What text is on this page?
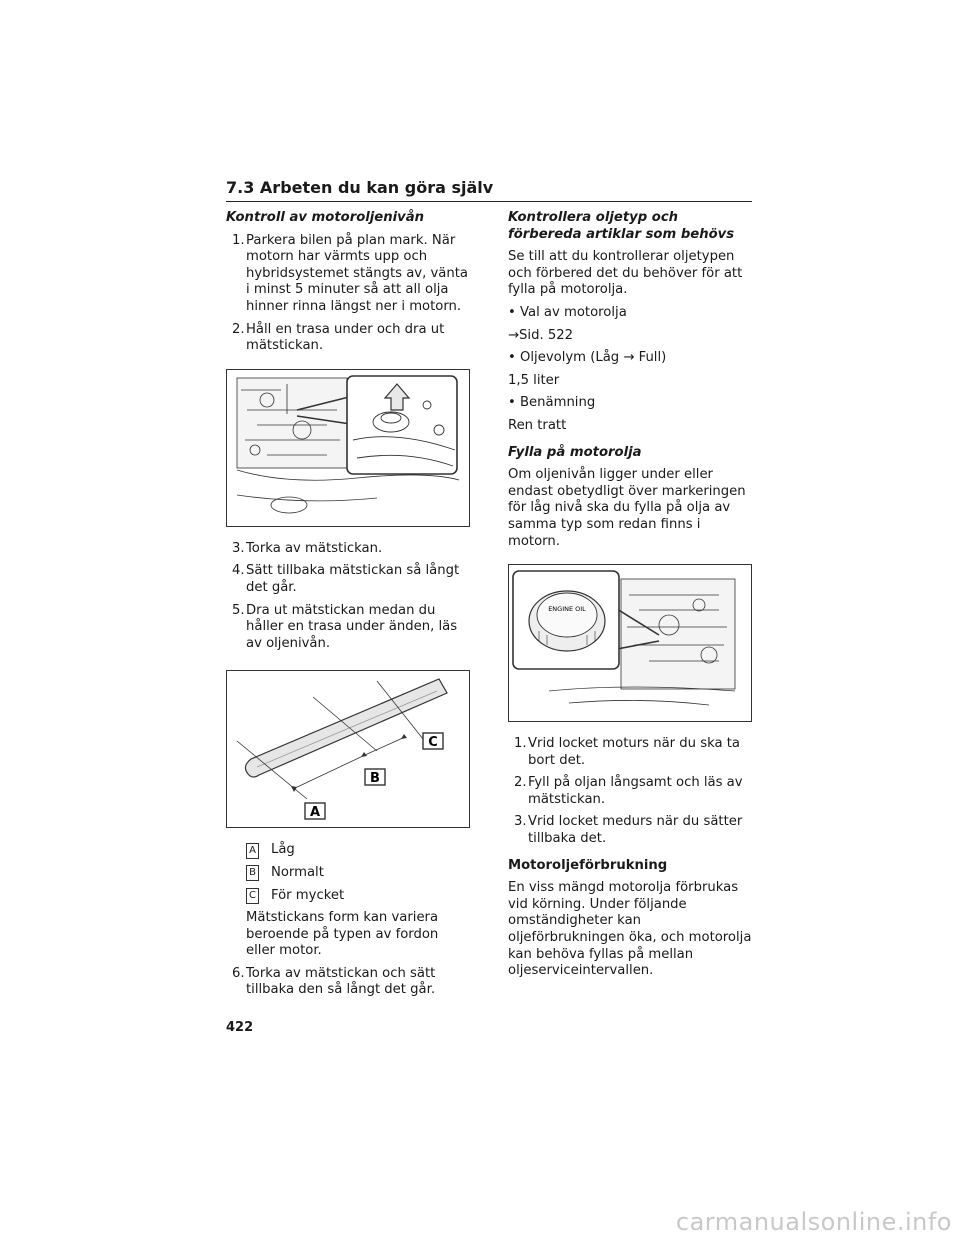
7.3 Arbeten du kan göra själv
Kontroll av motoroljenivån
1. Parkera bilen på plan mark. När motorn har värmts upp och hybridsystemet stängts av, vänta i minst 5 minuter så att all olja hinner rinna längst ner i motorn.
2. Håll en trasa under och dra ut mätstickan.
3. Torka av mätstickan.
4. Sätt tillbaka mätstickan så långt det går.
5. Dra ut mätstickan medan du håller en trasa under änden, läs av oljenivån.
A
B
C
A Låg
B Normalt
C För mycket
Mätstickans form kan variera beroende på typen av fordon eller motor.
6. Torka av mätstickan och sätt tillbaka den så långt det går.
Kontrollera oljetyp och förbereda artiklar som behövs
Se till att du kontrollerar oljetypen och förbered det du behöver för att fylla på motorolja.
• Val av motorolja
→Sid. 522
• Oljevolym (Låg → Full)
1,5 liter
• Benämning
Ren tratt
Fylla på motorolja
Om oljenivån ligger under eller endast obetydligt över markeringen för låg nivå ska du fylla på olja av samma typ som redan finns i motorn.
ENGINE OIL
1. Vrid locket moturs när du ska ta bort det.
2. Fyll på oljan långsamt och läs av mätstickan.
3. Vrid locket medurs när du sätter tillbaka det.
Motoroljeförbrukning
En viss mängd motorolja förbrukas vid körning. Under följande omständigheter kan oljeförbrukningen öka, och motorolja kan behöva fyllas på mellan oljeserviceintervallen.
422
carmanualsonline.info
